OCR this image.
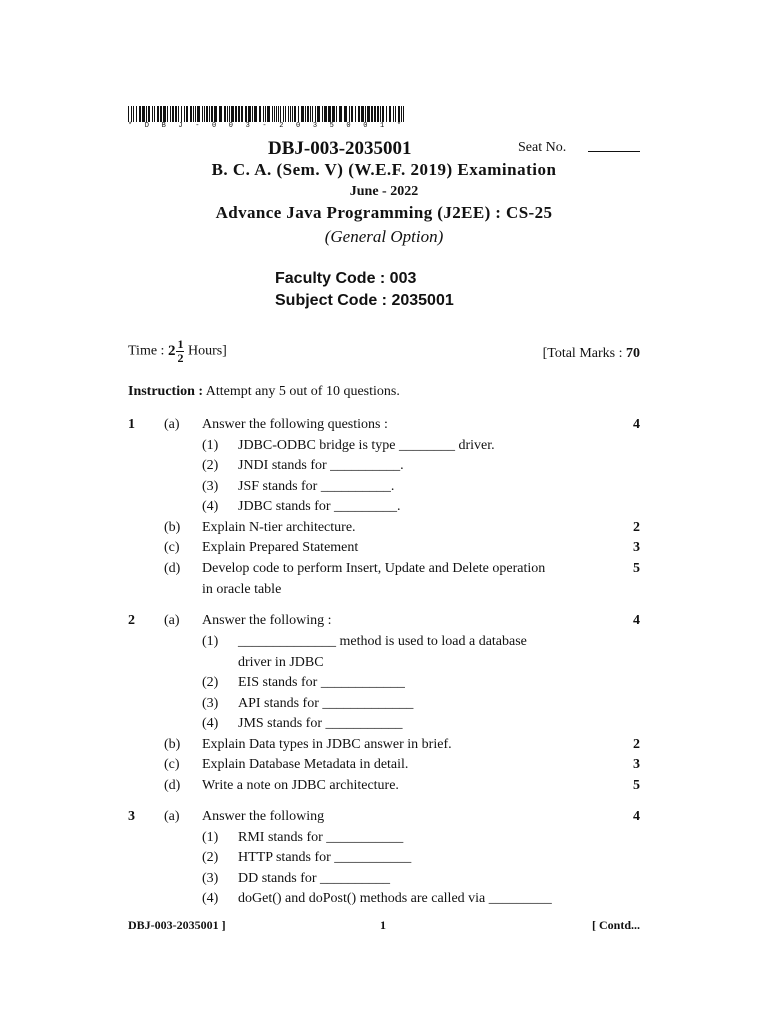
* D B J - 0 0 3 - 2 0 3 5 0 0 1 *
DBJ-003-2035001	Seat No.
B. C. A. (Sem. V) (W.E.F. 2019) Examination
June - 2022
Advance Java Programming (J2EE) : CS-25
(General Option)
Faculty Code : 003
Subject Code : 2035001
Time : $2 \frac{1}{2}$ Hours]	[Total Marks : 70
Instruction : Attempt any 5 out of 10 questions.
1 (a) Answer the following questions :	4
(1) JDBC-ODBC bridge is type ________ driver.
(2) JNDI stands for __________.
(3) JSF stands for __________.
(4) JDBC stands for _________.
(b) Explain N-tier architecture.	2
(c) Explain Prepared Statement	3
(d) Develop code to perform Insert, Update and Delete operation	5
in oracle table
2 (a) Answer the following :	4
(1) ______________ method is used to load a database
driver in JDBC
(2) EIS stands for ____________
(3) API stands for _____________
(4) JMS stands for ___________
(b) Explain Data types in JDBC answer in brief.	2
(c) Explain Database Metadata in detail.	3
(d) Write a note on JDBC architecture.	5
3 (a) Answer the following	4
(1) RMI stands for ___________
(2) HTTP stands for ___________
(3) DD stands for __________
(4) doGet() and doPost() methods are called via _________
DBJ-003-2035001 ]	1	[ Contd...
